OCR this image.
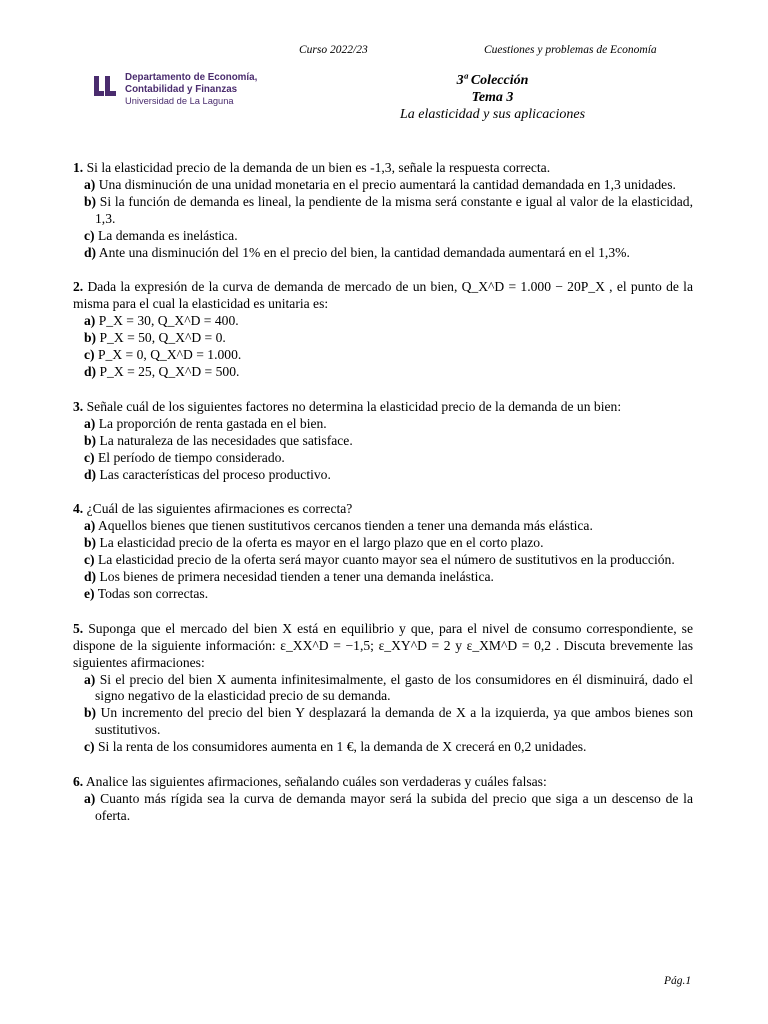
Curso 2022/23	Cuestiones y problemas de Economía
Departamento de Economía,
Contabilidad y Finanzas
Universidad de La Laguna
3ª Colección
Tema 3
La elasticidad y sus aplicaciones

1. Si la elasticidad precio de la demanda de un bien es -1,3, señale la respuesta correcta.

a) Una disminución de una unidad monetaria en el precio aumentará la cantidad demandada en 1,3 unidades.

b) Si la función de demanda es lineal, la pendiente de la misma será constante e igual al valor de la elasticidad, 1,3.

c) La demanda es inelástica.

d) Ante una disminución del 1% en el precio del bien, la cantidad demandada aumentará en el 1,3%.

2. Dada la expresión de la curva de demanda de mercado de un bien, Q_X^D = 1.000 − 20P_X , el punto de la misma para el cual la elasticidad es unitaria es:

a) P_X = 30, Q_X^D = 400.

b) P_X = 50, Q_X^D = 0.

c) P_X = 0, Q_X^D = 1.000.

d) P_X = 25, Q_X^D = 500.

3. Señale cuál de los siguientes factores no determina la elasticidad precio de la demanda de un bien:

a) La proporción de renta gastada en el bien.

b) La naturaleza de las necesidades que satisface.

c) El período de tiempo considerado.

d) Las características del proceso productivo.

4. ¿Cuál de las siguientes afirmaciones es correcta?

a) Aquellos bienes que tienen sustitutivos cercanos tienden a tener una demanda más elástica.

b) La elasticidad precio de la oferta es mayor en el largo plazo que en el corto plazo.

c) La elasticidad precio de la oferta será mayor cuanto mayor sea el número de sustitutivos en la producción.

d) Los bienes de primera necesidad tienden a tener una demanda inelástica.

e) Todas son correctas.

5. Suponga que el mercado del bien X está en equilibrio y que, para el nivel de consumo correspondiente, se dispone de la siguiente información: ε_XX^D = −1,5; ε_XY^D = 2 y ε_XM^D = 0,2 . Discuta brevemente las siguientes afirmaciones:

a) Si el precio del bien X aumenta infinitesimalmente, el gasto de los consumidores en él disminuirá, dado el signo negativo de la elasticidad precio de su demanda.

b) Un incremento del precio del bien Y desplazará la demanda de X a la izquierda, ya que ambos bienes son sustitutivos.

c) Si la renta de los consumidores aumenta en 1 €, la demanda de X crecerá en 0,2 unidades.

6. Analice las siguientes afirmaciones, señalando cuáles son verdaderas y cuáles falsas:

a) Cuanto más rígida sea la curva de demanda mayor será la subida del precio que siga a un descenso de la oferta.

Pág.1
